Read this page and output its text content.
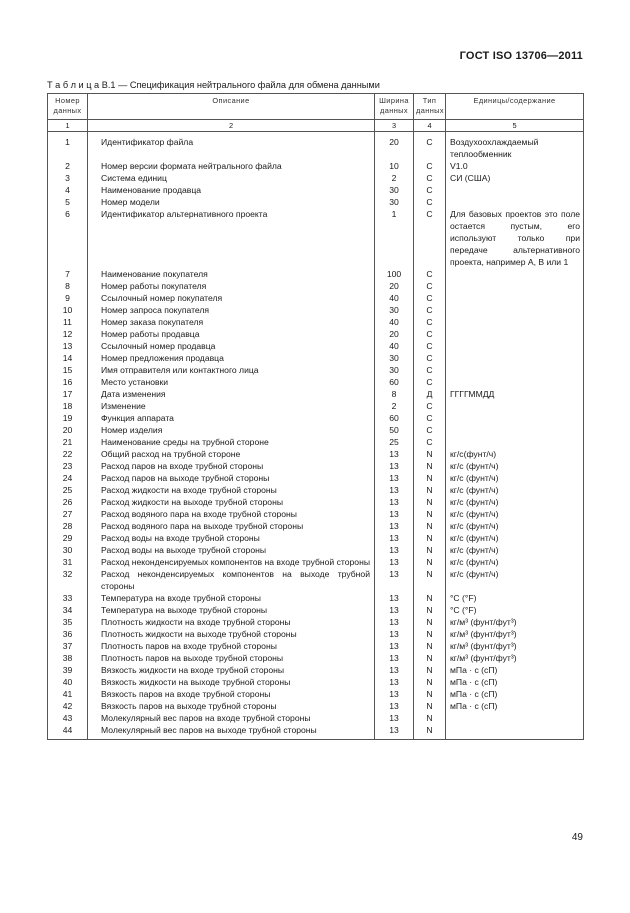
ГОСТ ISO 13706—2011
Т а б л и ц а В.1 — Спецификация нейтрального файла для обмена данными
Номер данных	Описание	Ширина данных	Тип данных	Единицы/содержание
1	2	3	4	5
1	Идентификатор файла	20	С	Воздухоохлаждаемый теплообменник
2	Номер версии формата нейтрального файла	10	С	V1.0
3	Система единиц	2	С	СИ (США)
4	Наименование продавца	30	С	
5	Номер модели	30	С	
6	Идентификатор альтернативного проекта	1	С	Для базовых проектов это поле остается пустым, его используют только при передаче альтернативного проекта, например А, В или 1
7	Наименование покупателя	100	С	
8	Номер работы покупателя	20	С	
9	Ссылочный номер покупателя	40	С	
10	Номер запроса покупателя	30	С	
11	Номер заказа покупателя	40	С	
12	Номер работы продавца	20	С	
13	Ссылочный номер продавца	40	С	
14	Номер предложения продавца	30	С	
15	Имя отправителя или контактного лица	30	С	
16	Место установки	60	С	
17	Дата изменения	8	Д	ГГГГММДД
18	Изменение	2	С	
19	Функция аппарата	60	С	
20	Номер изделия	50	С	
21	Наименование среды на трубной стороне	25	С	
22	Общий расход на трубной стороне	13	N	кг/с(фунт/ч)
23	Расход паров на входе трубной стороны	13	N	кг/с (фунт/ч)
24	Расход паров на выходе трубной стороны	13	N	кг/с (фунт/ч)
25	Расход жидкости на входе трубной стороны	13	N	кг/с (фунт/ч)
26	Расход жидкости на выходе трубной стороны	13	N	кг/с (фунт/ч)
27	Расход водяного пара на входе трубной стороны	13	N	кг/с (фунт/ч)
28	Расход водяного пара на выходе трубной стороны	13	N	кг/с (фунт/ч)
29	Расход воды на входе трубной стороны	13	N	кг/с (фунт/ч)
30	Расход воды на выходе трубной стороны	13	N	кг/с (фунт/ч)
31	Расход неконденсируемых компонентов на входе трубной стороны	13	N	кг/с (фунт/ч)
32	Расход неконденсируемых компонентов на выходе трубной стороны	13	N	кг/с (фунт/ч)
33	Температура на входе трубной стороны	13	N	°С (°F)
34	Температура на выходе трубной стороны	13	N	°С (°F)
35	Плотность жидкости на входе трубной стороны	13	N	кг/м³ (фунт/фут³)
36	Плотность жидкости на выходе трубной стороны	13	N	кг/м³ (фунт/фут³)
37	Плотность паров на входе трубной стороны	13	N	кг/м³ (фунт/фут³)
38	Плотность паров на выходе трубной стороны	13	N	кг/м³ (фунт/фут³)
39	Вязкость жидкости на входе трубной стороны	13	N	мПа · с (сП)
40	Вязкость жидкости на выходе трубной стороны	13	N	мПа · с (сП)
41	Вязкость паров на входе трубной стороны	13	N	мПа · с (сП)
42	Вязкость паров на выходе трубной стороны	13	N	мПа · с (сП)
43	Молекулярный вес паров на входе трубной стороны	13	N	
44	Молекулярный вес паров на выходе трубной стороны	13	N	
49
